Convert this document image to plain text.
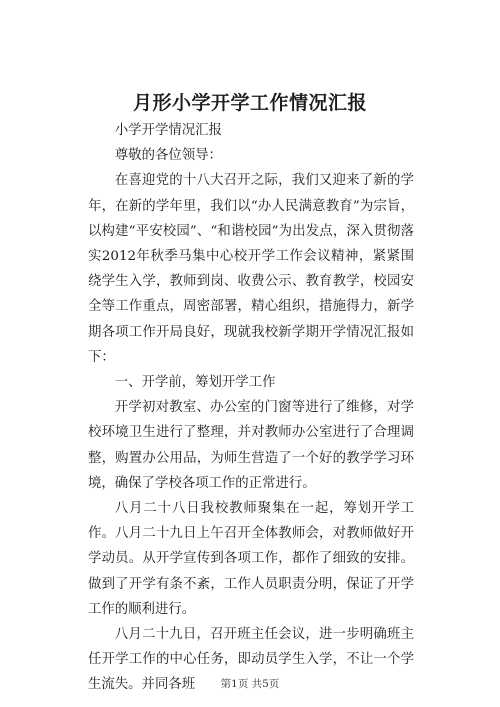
月形小学开学工作情况汇报

小学开学情况汇报

尊敬的各位领导：

在喜迎党的十八大召开之际，我们又迎来了新的学年，在新的学年里，我们以“办人民满意教育”为宗旨，以构建“平安校园”、“和谐校园”为出发点，深入贯彻落实2012年秋季马集中心校开学工作会议精神，紧紧围绕学生入学，教师到岗、收费公示、教育教学，校园安全等工作重点，周密部署，精心组织，措施得力，新学期各项工作开局良好，现就我校新学期开学情况汇报如下：

一、开学前，筹划开学工作

开学初对教室、办公室的门窗等进行了维修，对学校环境卫生进行了整理，并对教师办公室进行了合理调整，购置办公用品，为师生营造了一个好的教学学习环境，确保了学校各项工作的正常进行。

八月二十八日我校教师聚集在一起，筹划开学工作。八月二十九日上午召开全体教师会，对教师做好开学动员。从开学宣传到各项工作，都作了细致的安排。做到了开学有条不紊，工作人员职责分明，保证了开学工作的顺利进行。

八月二十九日，召开班主任会议，进一步明确班主任开学工作的中心任务，即动员学生入学，不让一个学生流失。并同各班	第1页 共5页
